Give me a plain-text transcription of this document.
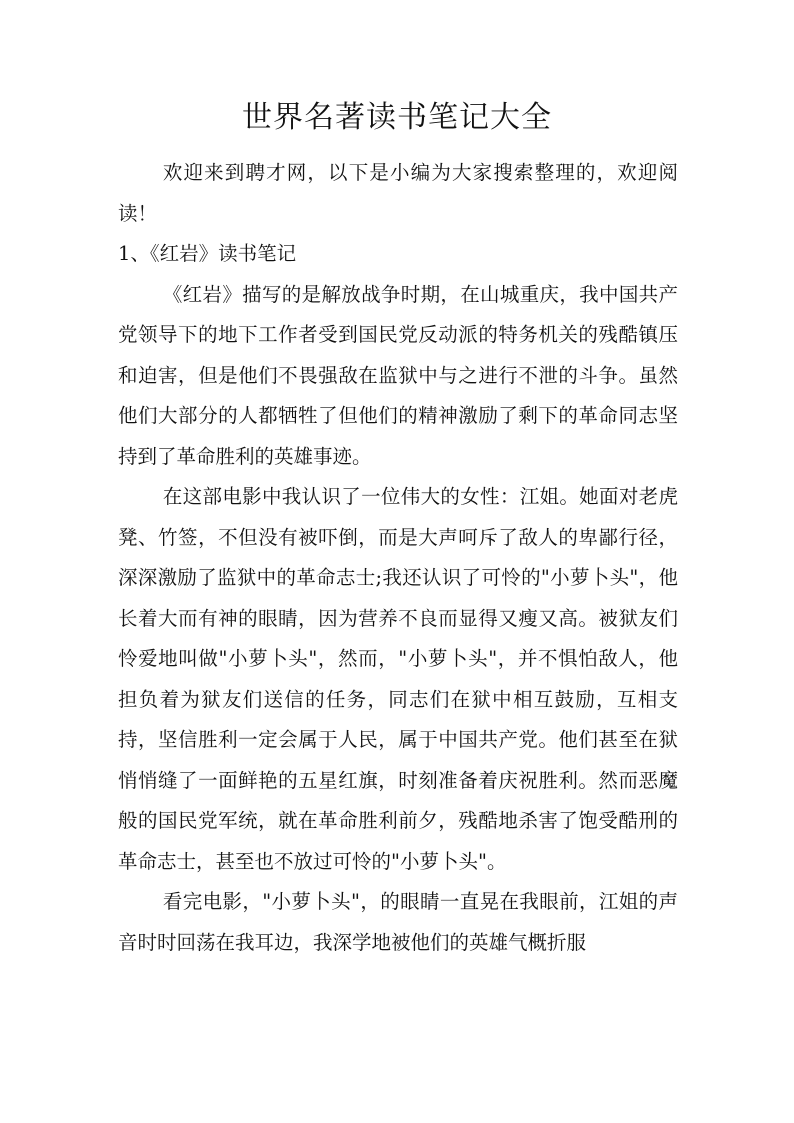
世界名著读书笔记大全

欢迎来到聘才网，以下是小编为大家搜索整理的，欢迎阅读！

1、《红岩》读书笔记

《红岩》描写的是解放战争时期，在山城重庆，我中国共产党领导下的地下工作者受到国民党反动派的特务机关的残酷镇压和迫害，但是他们不畏强敌在监狱中与之进行不泄的斗争。虽然他们大部分的人都牺牲了但他们的精神激励了剩下的革命同志坚持到了革命胜利的英雄事迹。

在这部电影中我认识了一位伟大的女性：江姐。她面对老虎凳、竹签，不但没有被吓倒，而是大声呵斥了敌人的卑鄙行径，深深激励了监狱中的革命志士;我还认识了可怜的"小萝卜头"，他长着大而有神的眼睛，因为营养不良而显得又瘦又高。被狱友们怜爱地叫做"小萝卜头"，然而，"小萝卜头"，并不惧怕敌人，他担负着为狱友们送信的任务，同志们在狱中相互鼓励，互相支持，坚信胜利一定会属于人民，属于中国共产党。他们甚至在狱悄悄缝了一面鲜艳的五星红旗，时刻准备着庆祝胜利。然而恶魔般的国民党军统，就在革命胜利前夕，残酷地杀害了饱受酷刑的革命志士，甚至也不放过可怜的"小萝卜头"。

看完电影，"小萝卜头"，的眼睛一直晃在我眼前，江姐的声音时时回荡在我耳边，我深学地被他们的英雄气概折服
